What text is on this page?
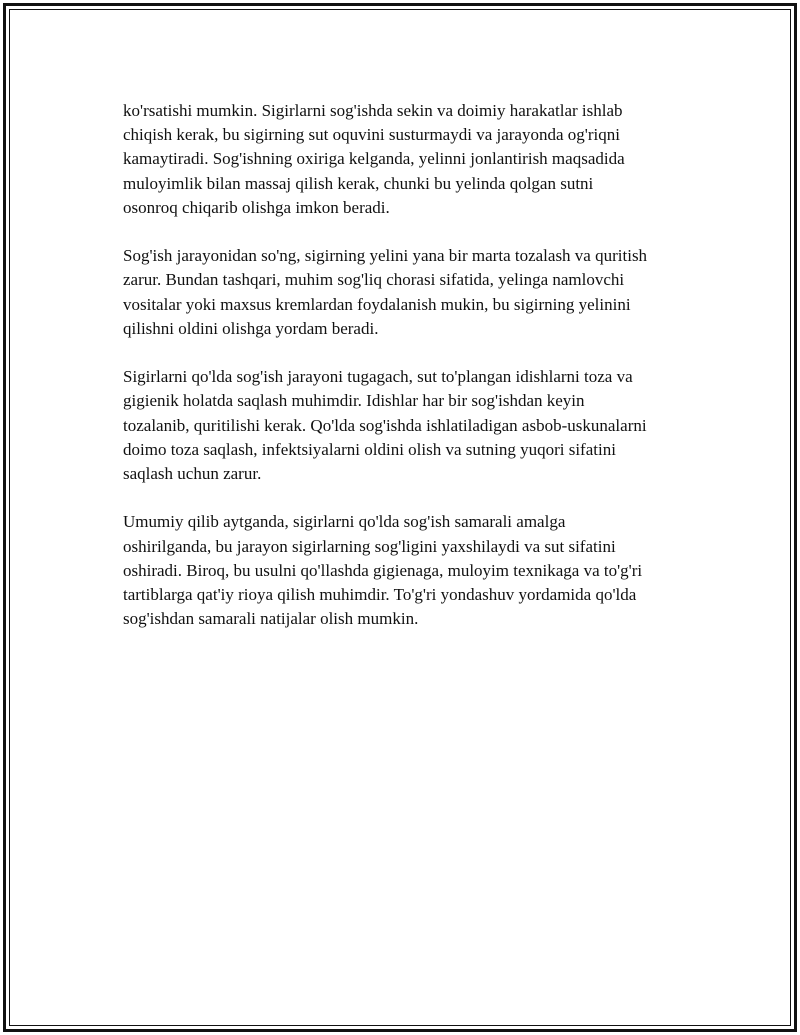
ko'rsatishi mumkin. Sigirlarni sog'ishda sekin va doimiy harakatlar ishlab
chiqish kerak, bu sigirning sut oquvini susturmaydi va jarayonda og'riqni
kamaytiradi. Sog'ishning oxiriga kelganda, yelinni jonlantirish maqsadida
muloyimlik bilan massaj qilish kerak, chunki bu yelinda qolgan sutni
osonroq chiqarib olishga imkon beradi.

Sog'ish jarayonidan so'ng, sigirning yelini yana bir marta tozalash va quritish
zarur. Bundan tashqari, muhim sog'liq chorasi sifatida, yelinga namlovchi
vositalar yoki maxsus kremlardan foydalanish mukin, bu sigirning yelinini
qilishni oldini olishga yordam beradi.

Sigirlarni qo'lda sog'ish jarayoni tugagach, sut to'plangan idishlarni toza va
gigienik holatda saqlash muhimdir. Idishlar har bir sog'ishdan keyin
tozalanib, quritilishi kerak. Qo'lda sog'ishda ishlatiladigan asbob-uskunalarni
doimo toza saqlash, infektsiyalarni oldini olish va sutning yuqori sifatini
saqlash uchun zarur.

Umumiy qilib aytganda, sigirlarni qo'lda sog'ish samarali amalga
oshirilganda, bu jarayon sigirlarning sog'ligini yaxshilaydi va sut sifatini
oshiradi. Biroq, bu usulni qo'llashda gigienaga, muloyim texnikaga va to'g'ri
tartiblarga qat'iy rioya qilish muhimdir. To'g'ri yondashuv yordamida qo'lda
sog'ishdan samarali natijalar olish mumkin.
